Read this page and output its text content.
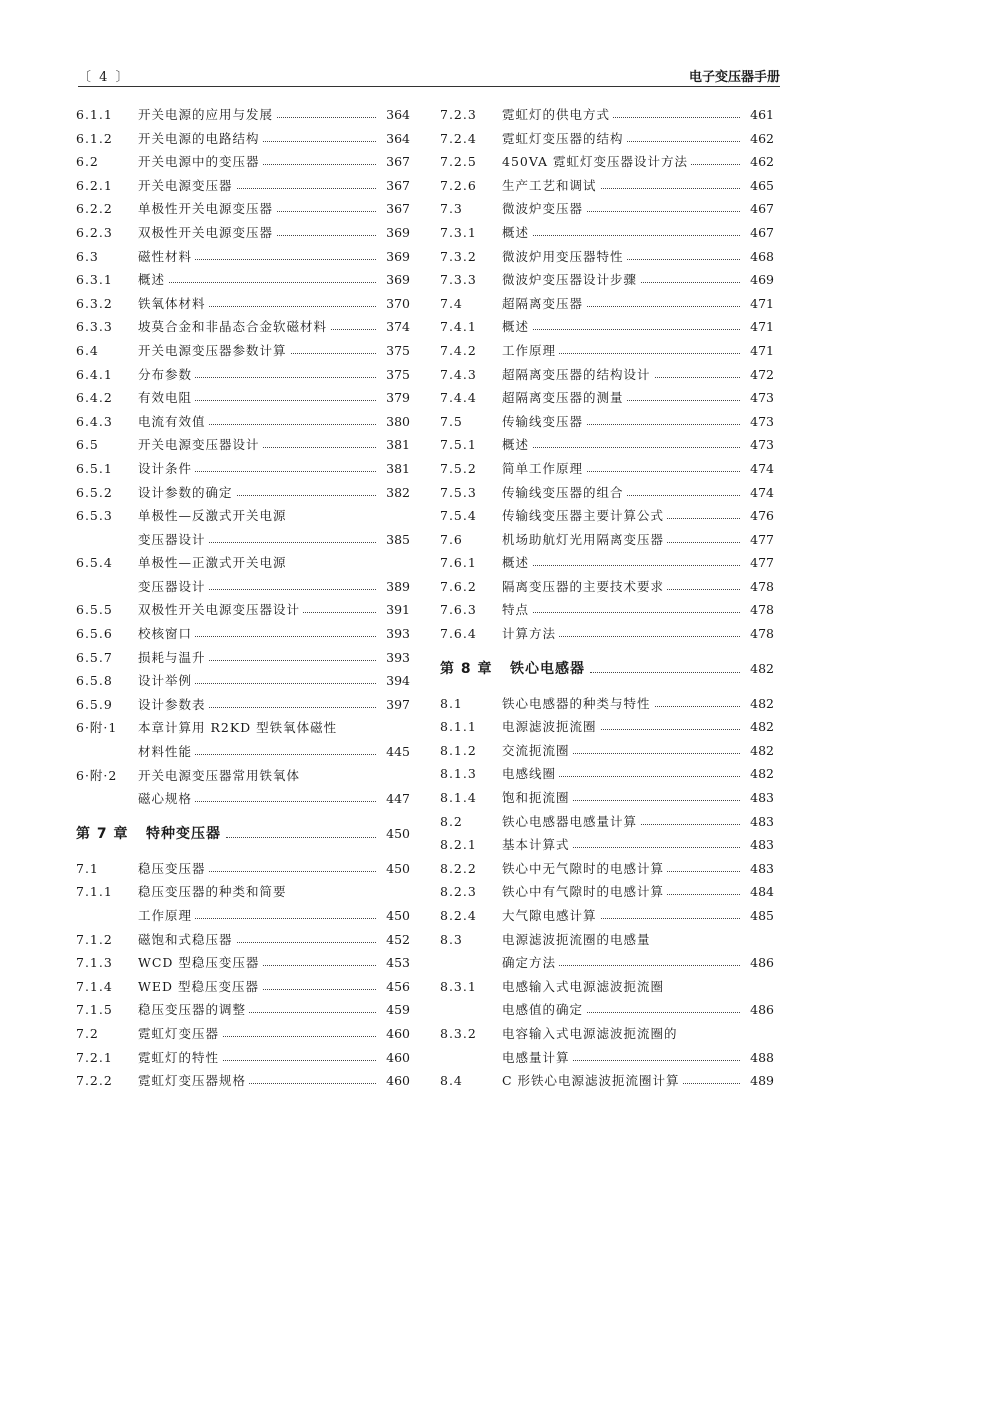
〔 4 〕	电子变压器手册
6.1.1 开关电源的应用与发展	364
6.1.2 开关电源的电路结构	364
6.2	开关电源中的变压器	367
6.2.1 开关电源变压器	367
6.2.2 单极性开关电源变压器	367
6.2.3 双极性开关电源变压器	369
6.3	磁性材料	369
6.3.1 概述	369
6.3.2 铁氧体材料	370
6.3.3 坡莫合金和非晶态合金软磁材料	374
6.4	开关电源变压器参数计算	375
6.4.1 分布参数	375
6.4.2 有效电阻	379
6.4.3 电流有效值	380
6.5	开关电源变压器设计	381
6.5.1 设计条件	381
6.5.2 设计参数的确定	382
6.5.3 单极性—反激式开关电源
变压器设计	385
6.5.4 单极性—正激式开关电源
变压器设计	389
6.5.5 双极性开关电源变压器设计	391
6.5.6 校核窗口	393
6.5.7 损耗与温升	393
6.5.8 设计举例	394
6.5.9 设计参数表	397
6·附·1 本章计算用 R2KD 型铁氧体磁性
材料性能	445
6·附·2 开关电源变压器常用铁氧体
磁心规格	447
第 7 章 特种变压器	450
7.1	稳压变压器	450
7.1.1 稳压变压器的种类和简要
工作原理	450
7.1.2 磁饱和式稳压器	452
7.1.3 WCD 型稳压变压器	453
7.1.4 WED 型稳压变压器	456
7.1.5 稳压变压器的调整	459
7.2	霓虹灯变压器	460
7.2.1 霓虹灯的特性	460
7.2.2 霓虹灯变压器规格	460
7.2.3 霓虹灯的供电方式	461
7.2.4 霓虹灯变压器的结构	462
7.2.5 450VA 霓虹灯变压器设计方法	462
7.2.6 生产工艺和调试	465
7.3	微波炉变压器	467
7.3.1 概述	467
7.3.2 微波炉用变压器特性	468
7.3.3 微波炉变压器设计步骤	469
7.4	超隔离变压器	471
7.4.1 概述	471
7.4.2 工作原理	471
7.4.3 超隔离变压器的结构设计	472
7.4.4 超隔离变压器的测量	473
7.5	传输线变压器	473
7.5.1 概述	473
7.5.2 简单工作原理	474
7.5.3 传输线变压器的组合	474
7.5.4 传输线变压器主要计算公式	476
7.6	机场助航灯光用隔离变压器	477
7.6.1 概述	477
7.6.2 隔离变压器的主要技术要求	478
7.6.3 特点	478
7.6.4 计算方法	478
第 8 章 铁心电感器	482
8.1	铁心电感器的种类与特性	482
8.1.1 电源滤波扼流圈	482
8.1.2 交流扼流圈	482
8.1.3 电感线圈	482
8.1.4 饱和扼流圈	483
8.2	铁心电感器电感量计算	483
8.2.1 基本计算式	483
8.2.2 铁心中无气隙时的电感计算	483
8.2.3 铁心中有气隙时的电感计算	484
8.2.4 大气隙电感计算	485
8.3	电源滤波扼流圈的电感量
确定方法	486
8.3.1 电感输入式电源滤波扼流圈
电感值的确定	486
8.3.2 电容输入式电源滤波扼流圈的
电感量计算	488
8.4	C 形铁心电源滤波扼流圈计算	489
